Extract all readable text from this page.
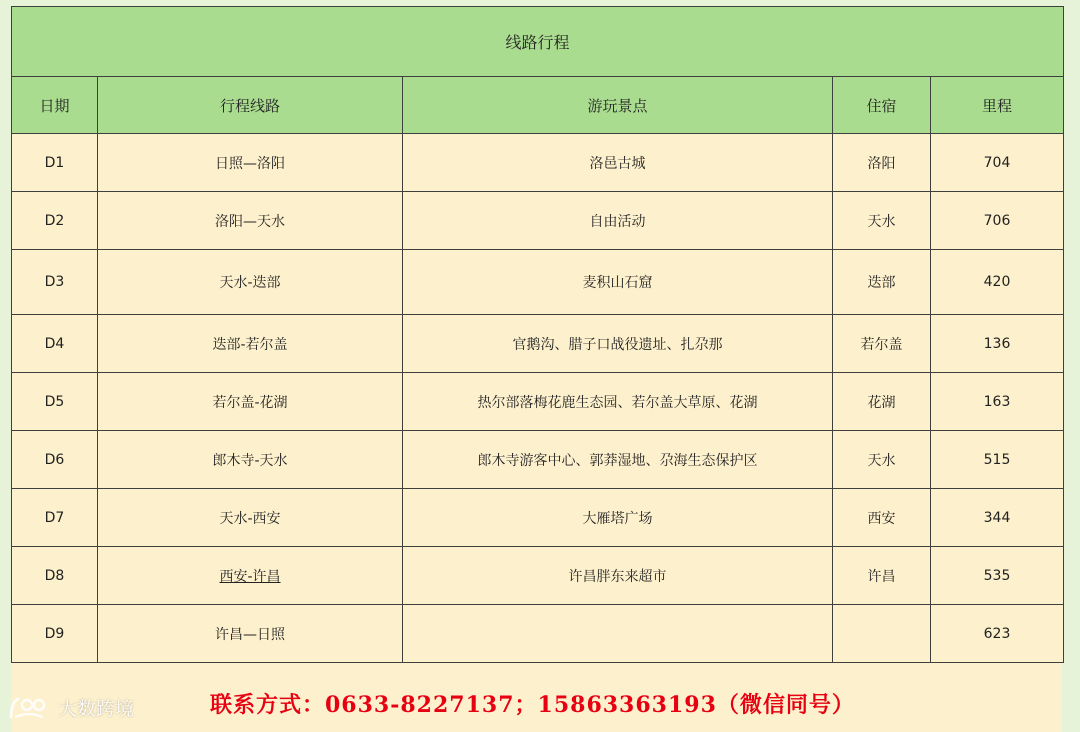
线路行程				
日期	行程线路	游玩景点	住宿	里程
D1	日照—洛阳	洛邑古城	洛阳	704
D2	洛阳—天水	自由活动	天水	706
D3	天水-迭部	麦积山石窟	迭部	420
D4	迭部-若尔盖	官鹅沟、腊子口战役遗址、扎尕那	若尔盖	136
D5	若尔盖-花湖	热尔部落梅花鹿生态园、若尔盖大草原、花湖	花湖	163
D6	郎木寺-天水	郎木寺游客中心、郭莽湿地、尕海生态保护区	天水	515
D7	天水-西安	大雁塔广场	西安	344
D8	西安-许昌	许昌胖东来超市	许昌	535
D9	许昌—日照			623
联系方式：0633-8227137；15863363193（微信同号）
大数跨境
